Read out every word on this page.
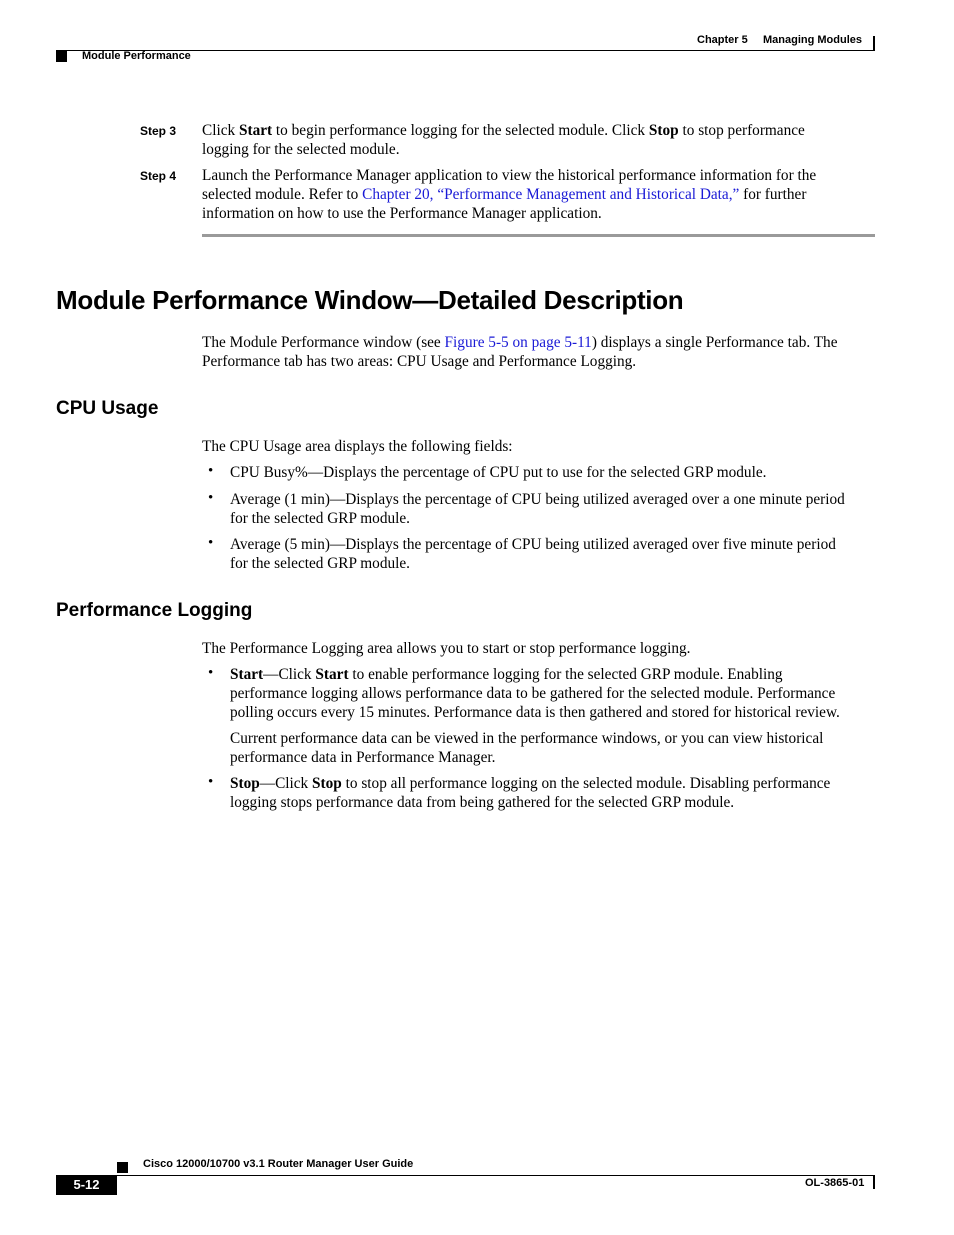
Chapter 5 Managing Modules
Module Performance
Step 3 Click Start to begin performance logging for the selected module. Click Stop to stop performance
logging for the selected module.
Step 4 Launch the Performance Manager application to view the historical performance information for the
selected module. Refer to Chapter 20, “Performance Management and Historical Data,” for further
information on how to use the Performance Manager application.
Module Performance Window—Detailed Description
The Module Performance window (see Figure 5-5 on page 5-11) displays a single Performance tab. The
Performance tab has two areas: CPU Usage and Performance Logging.
CPU Usage
The CPU Usage area displays the following fields:
• CPU Busy%—Displays the percentage of CPU put to use for the selected GRP module.
• Average (1 min)—Displays the percentage of CPU being utilized averaged over a one minute period
for the selected GRP module.
• Average (5 min)—Displays the percentage of CPU being utilized averaged over five minute period
for the selected GRP module.
Performance Logging
The Performance Logging area allows you to start or stop performance logging.
• Start—Click Start to enable performance logging for the selected GRP module. Enabling
performance logging allows performance data to be gathered for the selected module. Performance
polling occurs every 15 minutes. Performance data is then gathered and stored for historical review.
Current performance data can be viewed in the performance windows, or you can view historical
performance data in Performance Manager.
• Stop—Click Stop to stop all performance logging on the selected module. Disabling performance
logging stops performance data from being gathered for the selected GRP module.
Cisco 12000/10700 v3.1 Router Manager User Guide
5-12	OL-3865-01
